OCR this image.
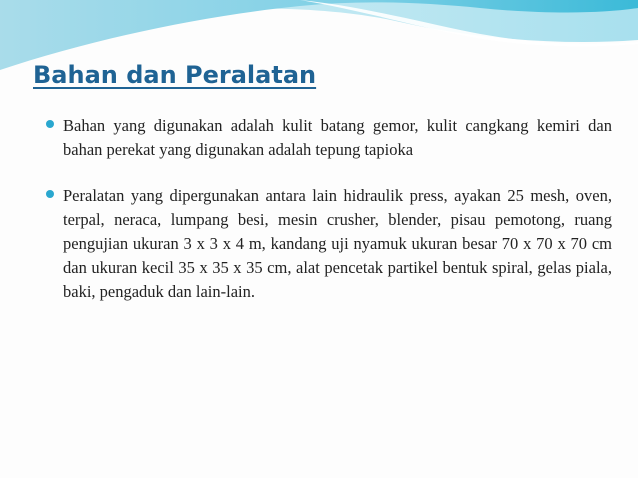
Bahan dan Peralatan
Bahan yang digunakan adalah kulit batang gemor, kulit cangkang kemiri dan bahan perekat yang digunakan adalah tepung tapioka
Peralatan yang dipergunakan antara lain hidraulik press, ayakan 25 mesh, oven, terpal, neraca, lumpang besi, mesin crusher, blender, pisau pemotong, ruang pengujian ukuran 3 x 3 x 4 m, kandang uji nyamuk ukuran besar 70 x 70 x 70 cm dan ukuran kecil 35 x 35 x 35 cm, alat pencetak partikel bentuk spiral, gelas piala, baki, pengaduk dan lain-lain.
